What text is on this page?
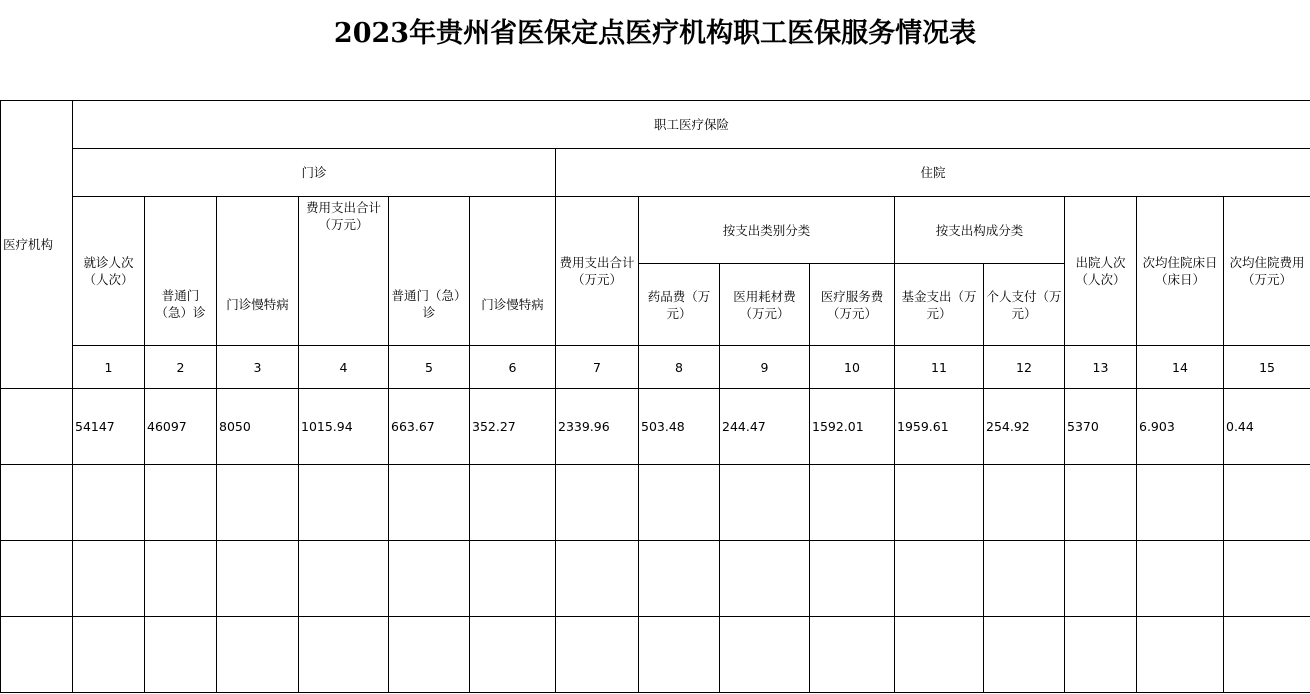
2023年贵州省医保定点医疗机构职工医保服务情况表
医疗机构	职工医疗保险														
	门诊						住院								
	就诊人次（人次）			费用支出合计（万元）			费用支出合计（万元）	按支出类别分类			按支出构成分类		出院人次（人次）	次均住院床日（床日）	次均住院费用（万元）
		普通门（急）诊	门诊慢特病		普通门（急）诊	门诊慢特病		药品费（万元）	医用耗材费（万元）	医疗服务费（万元）	基金支出（万元）	个人支付（万元）			
	1	2	3	4	5	6	7	8	9	10	11	12	13	14	15
	54147	46097	8050	1015.94	663.67	352.27	2339.96	503.48	244.47	1592.01	1959.61	254.92	5370	6.903	0.44
